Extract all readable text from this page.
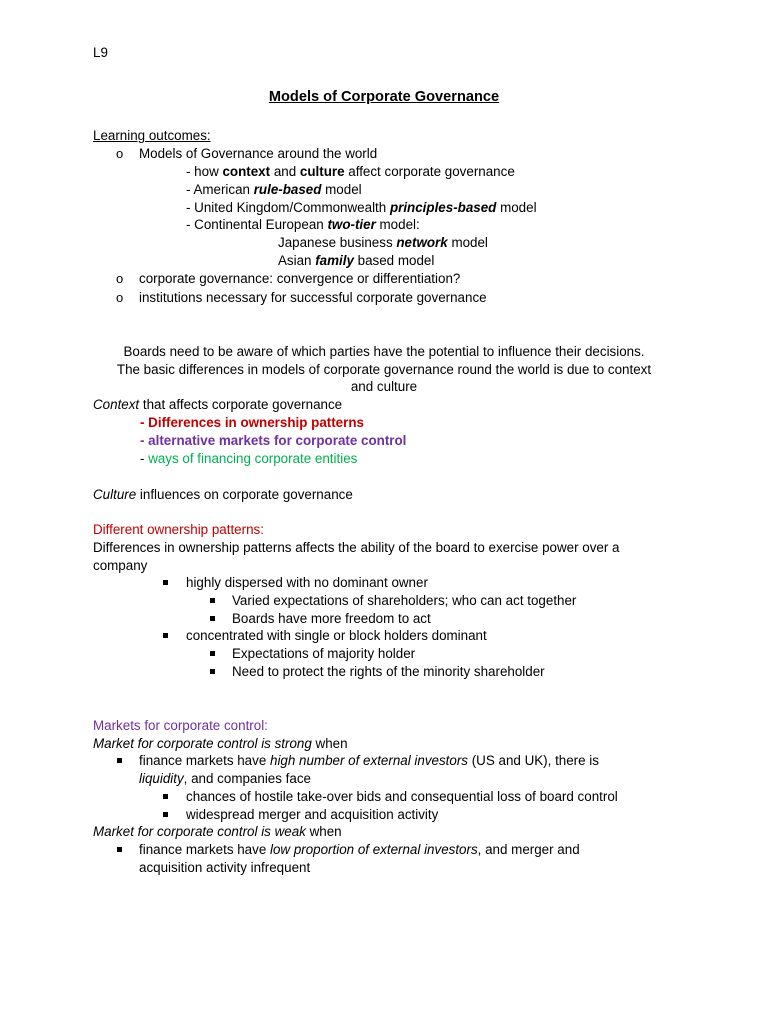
L9
Models of Corporate Governance
Learning outcomes:
o Models of Governance around the world
- how context and culture affect corporate governance
- American rule-based model
- United Kingdom/Commonwealth principles-based model
- Continental European two-tier model:
Japanese business network model
Asian family based model
o corporate governance: convergence or differentiation?
o institutions necessary for successful corporate governance
Boards need to be aware of which parties have the potential to influence their decisions.
The basic differences in models of corporate governance round the world is due to context
and culture
Context that affects corporate governance
- Differences in ownership patterns
- alternative markets for corporate control
- ways of financing corporate entities
Culture influences on corporate governance
Different ownership patterns:
Differences in ownership patterns affects the ability of the board to exercise power over a
company
highly dispersed with no dominant owner
Varied expectations of shareholders; who can act together
Boards have more freedom to act
concentrated with single or block holders dominant
Expectations of majority holder
Need to protect the rights of the minority shareholder
Markets for corporate control:
Market for corporate control is strong when
finance markets have high number of external investors (US and UK), there is
liquidity, and companies face
chances of hostile take-over bids and consequential loss of board control
widespread merger and acquisition activity
Market for corporate control is weak when
finance markets have low proportion of external investors, and merger and
acquisition activity infrequent
